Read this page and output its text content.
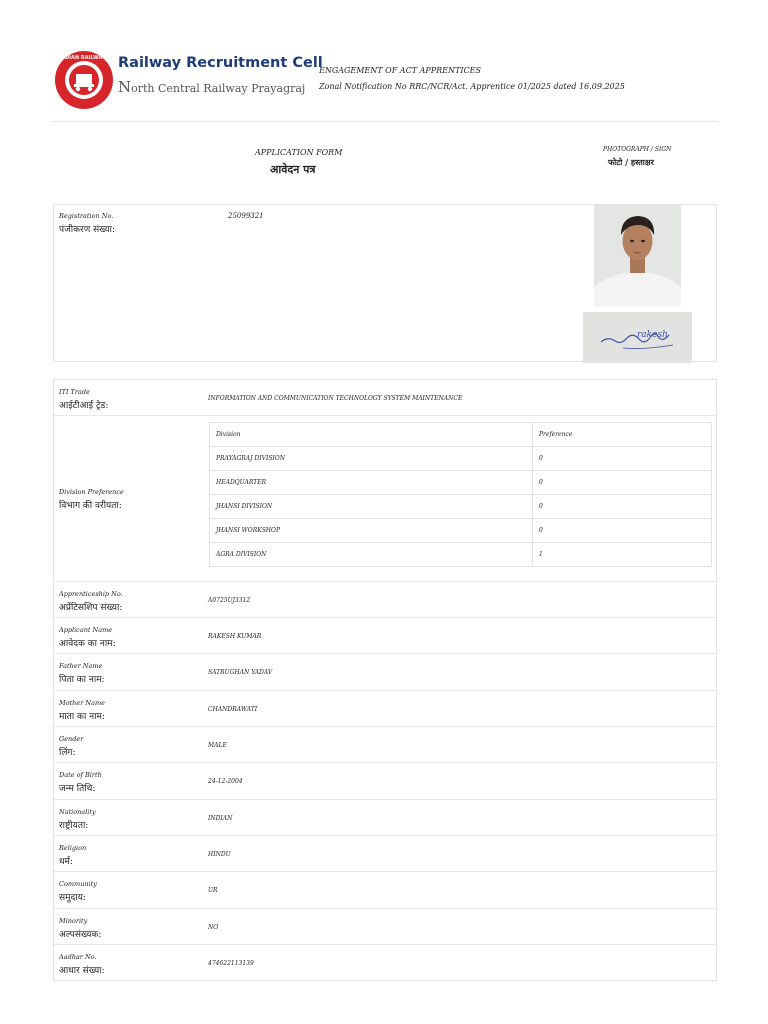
INDIAN RAILWAYS Railway Recruitment Cell
North Central Railway Prayagraj
ENGAGEMENT OF ACT APPRENTICES
Zonal Notification No RRC/NCR/Act. Apprentice 01/2025 dated 16.09.2025
APPLICATION FORM
आवेदन पत्र
PHOTOGRAPH / SIGN
फोटो / हस्ताक्षर
Registration No.
पंजीकरण संख्या:
25099321
rakesh
ITI Trade
आईटीआई ट्रेड:
INFORMATION AND COMMUNICATION TECHNOLOGY SYSTEM MAINTENANCE
Division Preference
विभाग की वरीयता:
Division	Preference
PRAYAGRAJ DIVISION	0
HEADQUARTER	0
JHANSI DIVISION	0
JHANSI WORKSHOP	0
AGRA DIVISION	1
Apprenticeship No.
अप्रेंटिसशिप संख्या:
A0725UJ3312
Applicant Name
आवेदक का नाम:
RAKESH KUMAR
Father Name
पिता का नाम:
SATRUGHAN YADAV
Mother Name
माता का नाम:
CHANDRAWATI
Gender
लिंग:
MALE
Date of Birth
जन्म तिथि:
24-12-2004
Nationality
राष्ट्रीयता:
INDIAN
Religion
धर्म:
HINDU
Community
समुदाय:
UR
Minority
अल्पसंख्यक:
NO
Aadhar No.
आधार संख्या:
474622113139
